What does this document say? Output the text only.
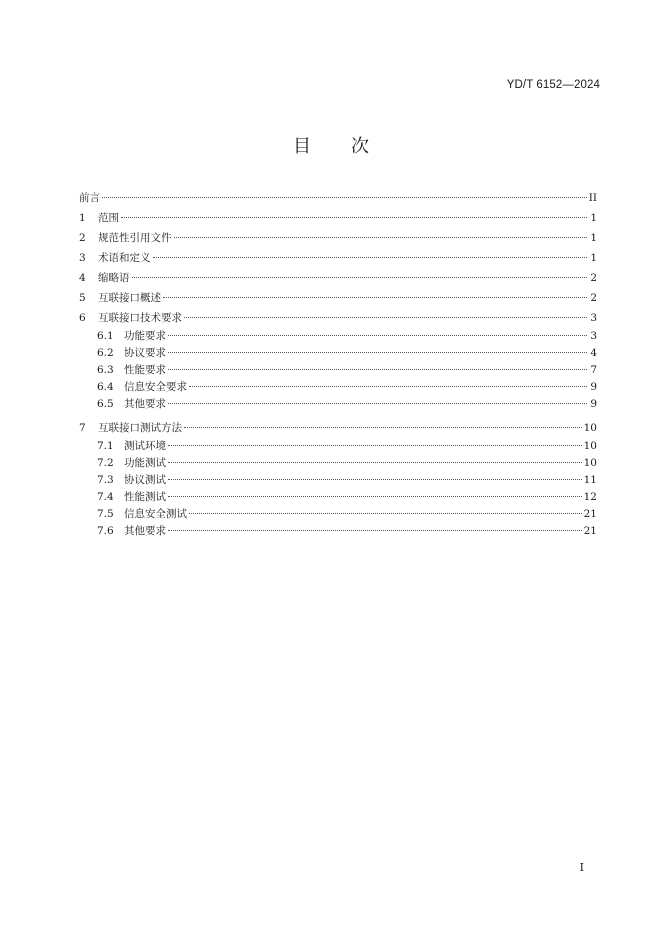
YD/T 6152—2024
目 次
前言	II
1	范围	1
2	规范性引用文件	1
3	术语和定义	1
4	缩略语	2
5	互联接口概述	2
6	互联接口技术要求	3
6.1 功能要求	3
6.2 协议要求	4
6.3 性能要求	7
6.4 信息安全要求	9
6.5 其他要求	9
7	互联接口测试方法	10
7.1 测试环境	10
7.2 功能测试	10
7.3 协议测试	11
7.4 性能测试	12
7.5 信息安全测试	21
7.6 其他要求	21
I
